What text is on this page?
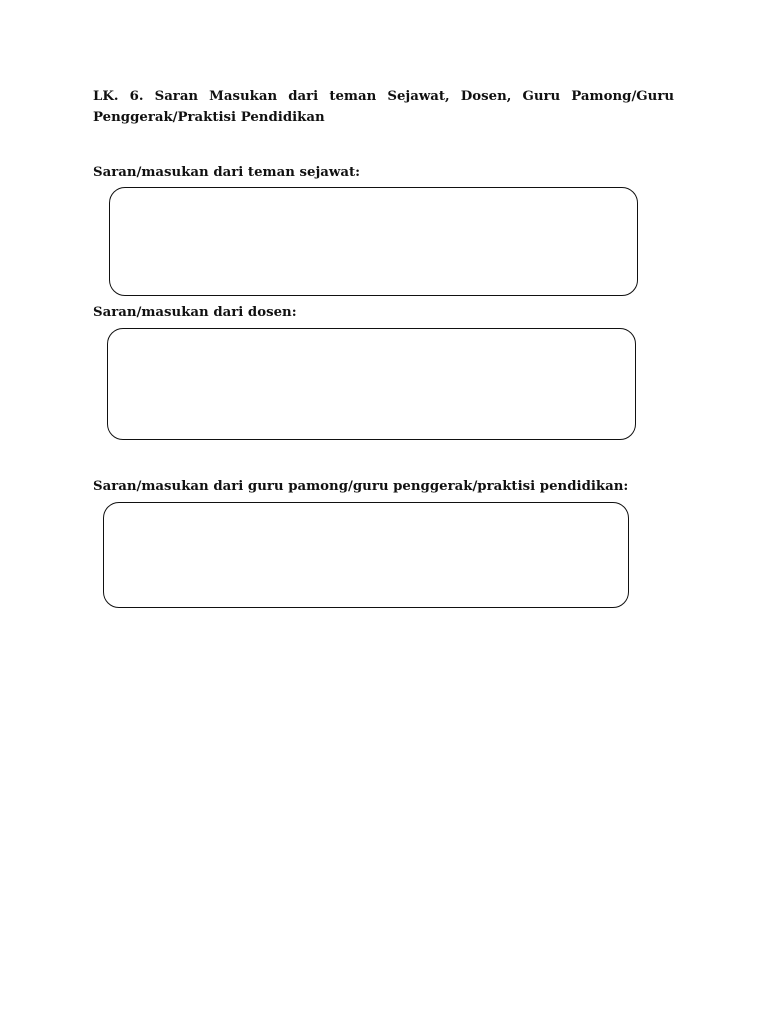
LK. 6. Saran Masukan dari teman Sejawat, Dosen, Guru Pamong/Guru Penggerak/Praktisi Pendidikan

Saran/masukan dari teman sejawat:

Saran/masukan dari dosen:

Saran/masukan dari guru pamong/guru penggerak/praktisi pendidikan:
